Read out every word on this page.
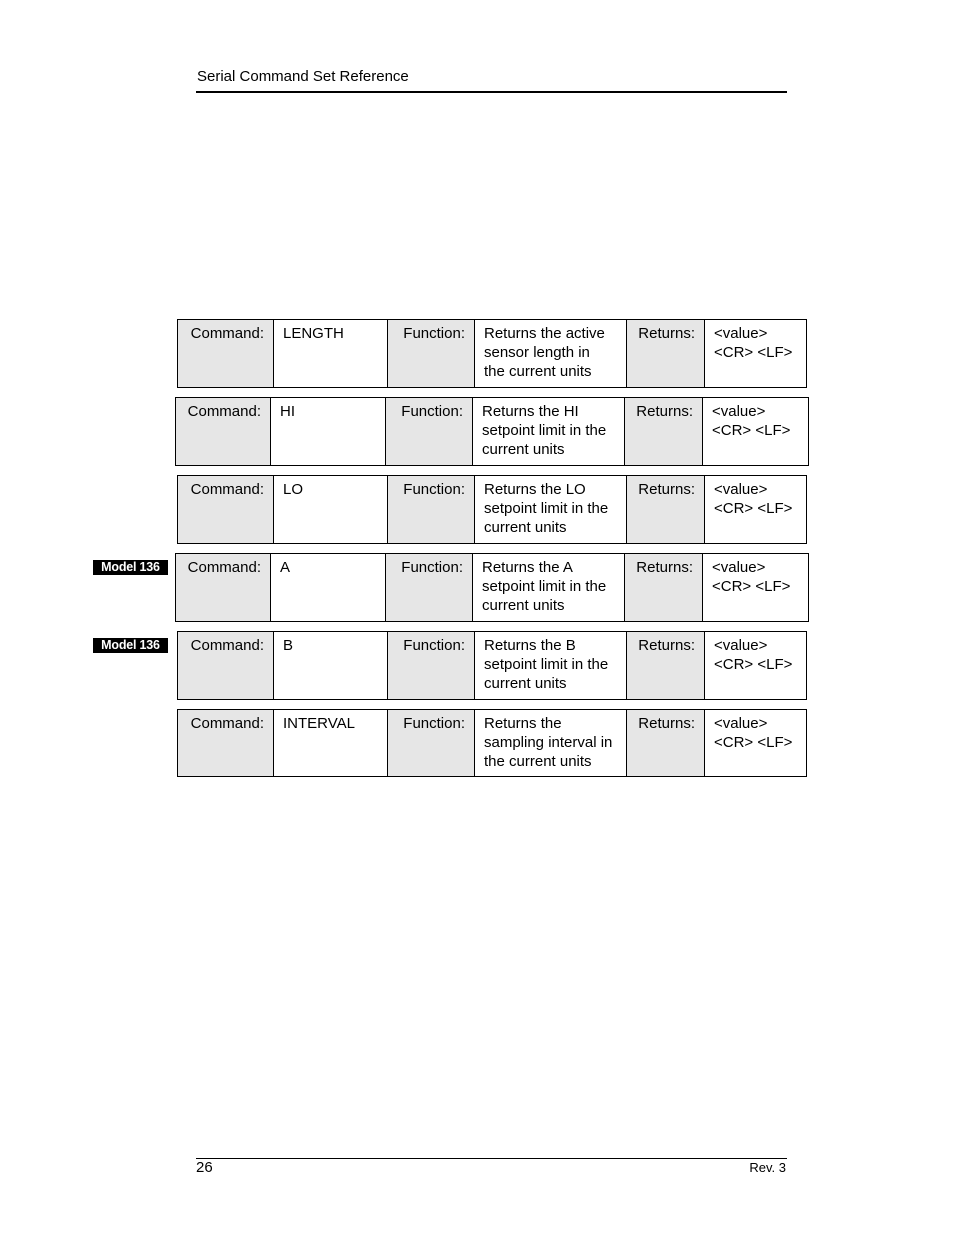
Serial Command Set Reference
Command:	LENGTH	Function:	Returns the active
sensor length in
the current units	Returns:	<value>
<CR> <LF>
Command:	HI	Function:	Returns the HI
setpoint limit in the
current units	Returns:	<value>
<CR> <LF>
Command:	LO	Function:	Returns the LO
setpoint limit in the
current units	Returns:	<value>
<CR> <LF>
Model 136	Command:	A	Function:	Returns the A
setpoint limit in the
current units	Returns:	<value>
<CR> <LF>
Model 136	Command:	B	Function:	Returns the B
setpoint limit in the
current units	Returns:	<value>
<CR> <LF>
Command:	INTERVAL	Function:	Returns the
sampling interval in
the current units	Returns:	<value>
<CR> <LF>
26	Rev. 3
